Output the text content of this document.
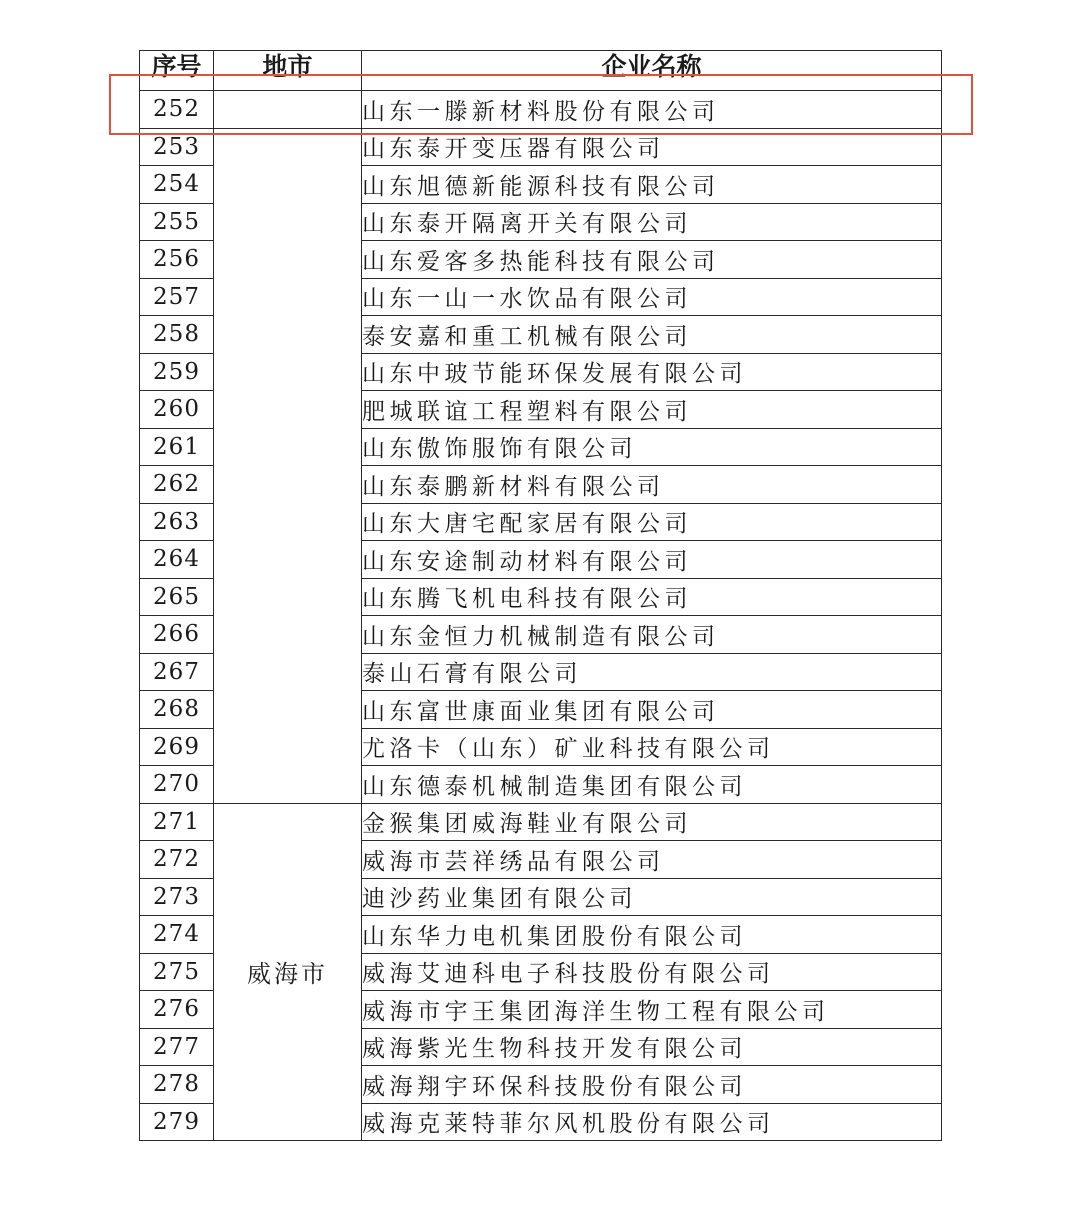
序号	地市	企业名称

252		山东一滕新材料股份有限公司
253		山东泰开变压器有限公司
254		山东旭德新能源科技有限公司
255		山东泰开隔离开关有限公司
256		山东爱客多热能科技有限公司
257		山东一山一水饮品有限公司
258		泰安嘉和重工机械有限公司
259		山东中玻节能环保发展有限公司
260		肥城联谊工程塑料有限公司
261		山东傲饰服饰有限公司
262		山东泰鹏新材料有限公司
263		山东大唐宅配家居有限公司
264		山东安途制动材料有限公司
265		山东腾飞机电科技有限公司
266		山东金恒力机械制造有限公司
267		泰山石膏有限公司
268		山东富世康面业集团有限公司
269		尤洛卡（山东）矿业科技有限公司
270		山东德泰机械制造集团有限公司
271	威海市	金猴集团威海鞋业有限公司
272		威海市芸祥绣品有限公司
273		迪沙药业集团有限公司
274		山东华力电机集团股份有限公司
275		威海艾迪科电子科技股份有限公司
276		威海市宇王集团海洋生物工程有限公司
277		威海紫光生物科技开发有限公司
278		威海翔宇环保科技股份有限公司
279		威海克莱特菲尔风机股份有限公司
